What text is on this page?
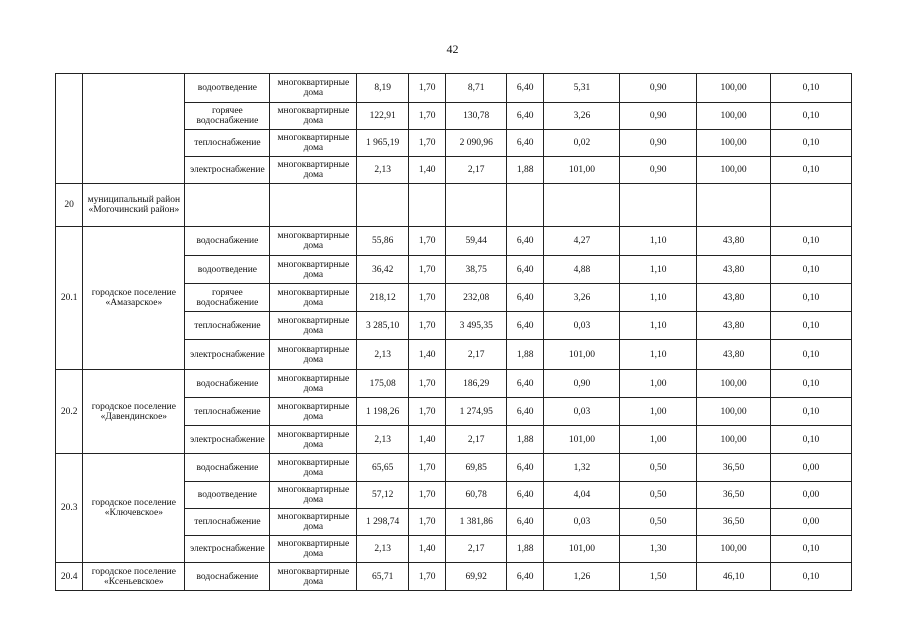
42
		водоотведение	многоквартирные дома	8,19	1,70	8,71	6,40	5,31	0,90	100,00	0,10
		горячее водоснабжение	многоквартирные дома	122,91	1,70	130,78	6,40	3,26	0,90	100,00	0,10
		теплоснабжение	многоквартирные дома	1 965,19	1,70	2 090,96	6,40	0,02	0,90	100,00	0,10
		электроснабжение	многоквартирные дома	2,13	1,40	2,17	1,88	101,00	0,90	100,00	0,10
20	муниципальный район «Могочинский район»										
20.1	городское поселение «Амазарское»	водоснабжение	многоквартирные дома	55,86	1,70	59,44	6,40	4,27	1,10	43,80	0,10
		водоотведение	многоквартирные дома	36,42	1,70	38,75	6,40	4,88	1,10	43,80	0,10
		горячее водоснабжение	многоквартирные дома	218,12	1,70	232,08	6,40	3,26	1,10	43,80	0,10
		теплоснабжение	многоквартирные дома	3 285,10	1,70	3 495,35	6,40	0,03	1,10	43,80	0,10
		электроснабжение	многоквартирные дома	2,13	1,40	2,17	1,88	101,00	1,10	43,80	0,10
20.2	городское поселение «Давендинское»	водоснабжение	многоквартирные дома	175,08	1,70	186,29	6,40	0,90	1,00	100,00	0,10
		теплоснабжение	многоквартирные дома	1 198,26	1,70	1 274,95	6,40	0,03	1,00	100,00	0,10
		электроснабжение	многоквартирные дома	2,13	1,40	2,17	1,88	101,00	1,00	100,00	0,10
20.3	городское поселение «Ключевское»	водоснабжение	многоквартирные дома	65,65	1,70	69,85	6,40	1,32	0,50	36,50	0,00
		водоотведение	многоквартирные дома	57,12	1,70	60,78	6,40	4,04	0,50	36,50	0,00
		теплоснабжение	многоквартирные дома	1 298,74	1,70	1 381,86	6,40	0,03	0,50	36,50	0,00
		электроснабжение	многоквартирные дома	2,13	1,40	2,17	1,88	101,00	1,30	100,00	0,10
20.4	городское поселение «Ксеньевское»	водоснабжение	многоквартирные дома	65,71	1,70	69,92	6,40	1,26	1,50	46,10	0,10
